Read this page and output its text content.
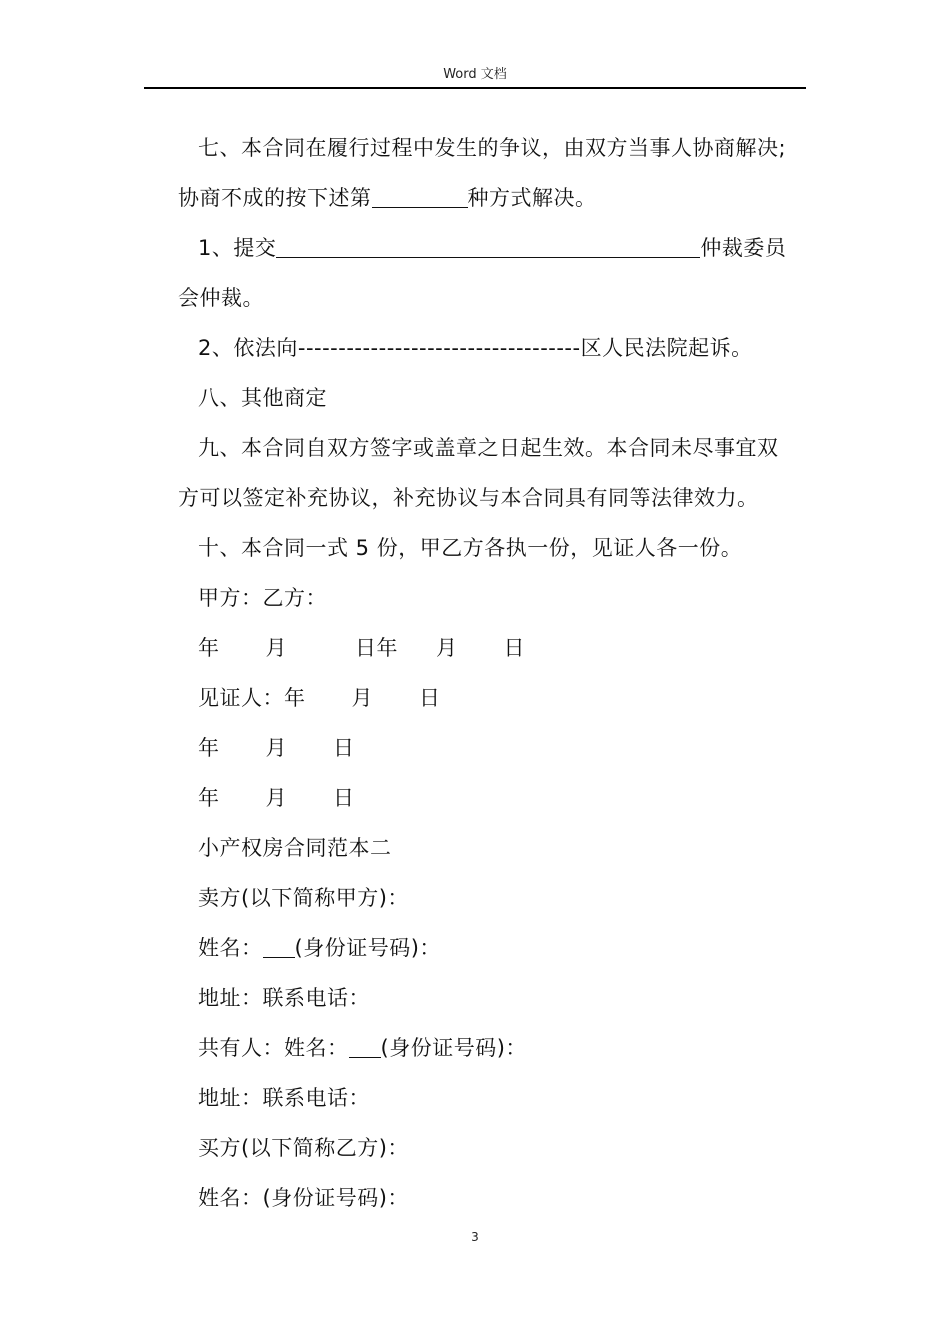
Word 文档
七、本合同在履行过程中发生的争议，由双方当事人协商解决;
协商不成的按下述第	种方式解决。
1、提交	仲裁委员
会仲裁。
2、依法向-----------------------------------区人民法院起诉。
八、其他商定
九、本合同自双方签字或盖章之日起生效。本合同未尽事宜双
方可以签定补充协议，补充协议与本合同具有同等法律效力。
十、本合同一式 5 份，甲乙方各执一份，见证人各一份。
甲方：乙方：
年 月	日年 月 日
见证人：年 月 日
年 月 日
年 月 日
小产权房合同范本二
卖方(以下简称甲方)：
姓名： (身份证号码)：
地址：联系电话：
共有人：姓名： (身份证号码)：
地址：联系电话：
买方(以下简称乙方)：
姓名：(身份证号码)：
3
